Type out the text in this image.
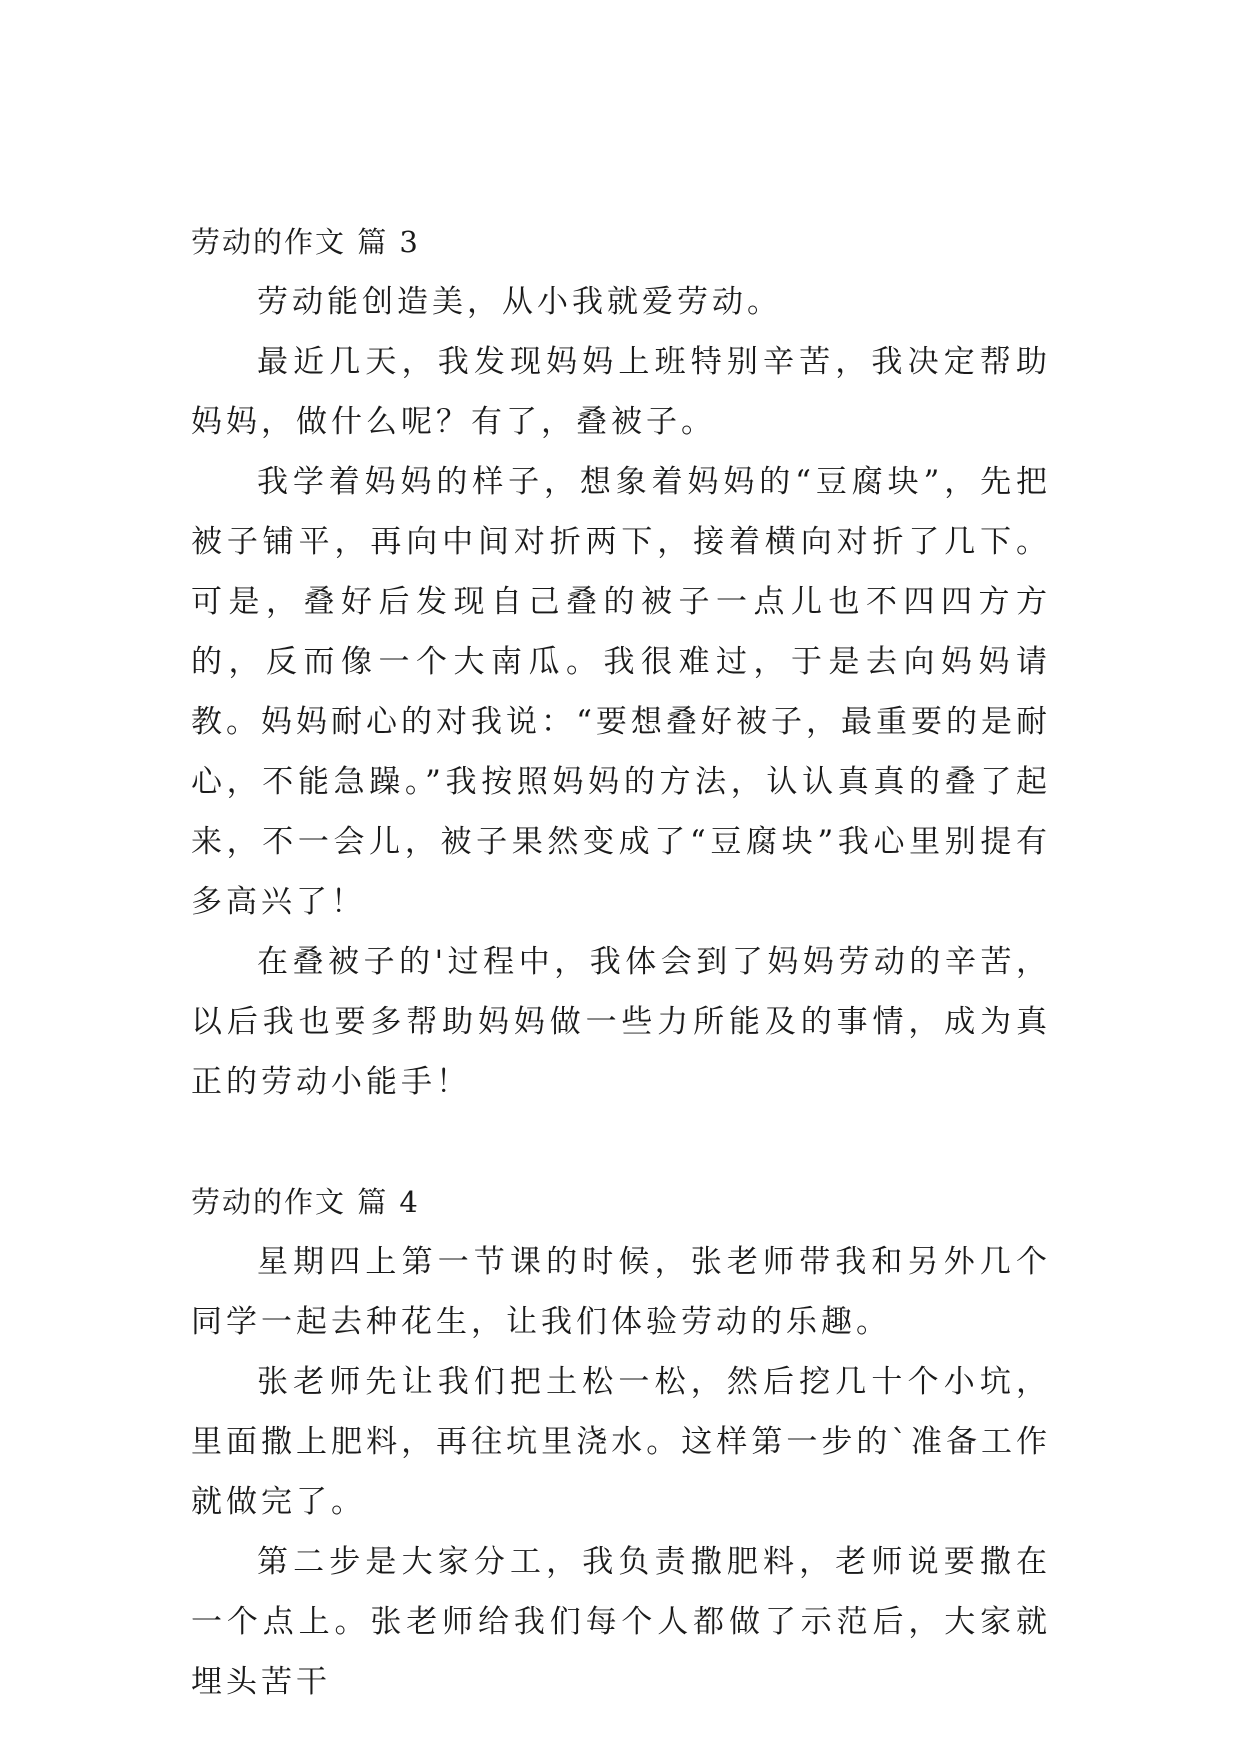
劳动的作文 篇 3

劳动能创造美，从小我就爱劳动。

最近几天，我发现妈妈上班特别辛苦，我决定帮助妈妈，做什么呢？有了，叠被子。

我学着妈妈的样子，想象着妈妈的“豆腐块”，先把被子铺平，再向中间对折两下，接着横向对折了几下。可是，叠好后发现自己叠的被子一点儿也不四四方方的，反而像一个大南瓜。我很难过，于是去向妈妈请教。妈妈耐心的对我说：“要想叠好被子，最重要的是耐心，不能急躁。”我按照妈妈的方法，认认真真的叠了起来，不一会儿，被子果然变成了“豆腐块”我心里别提有多高兴了！

在叠被子的'过程中，我体会到了妈妈劳动的辛苦，以后我也要多帮助妈妈做一些力所能及的事情，成为真正的劳动小能手！

劳动的作文 篇 4

星期四上第一节课的时候，张老师带我和另外几个同学一起去种花生，让我们体验劳动的乐趣。

张老师先让我们把土松一松，然后挖几十个小坑，里面撒上肥料，再往坑里浇水。这样第一步的`准备工作就做完了。

第二步是大家分工，我负责撒肥料，老师说要撒在一个点上。张老师给我们每个人都做了示范后，大家就埋头苦干
